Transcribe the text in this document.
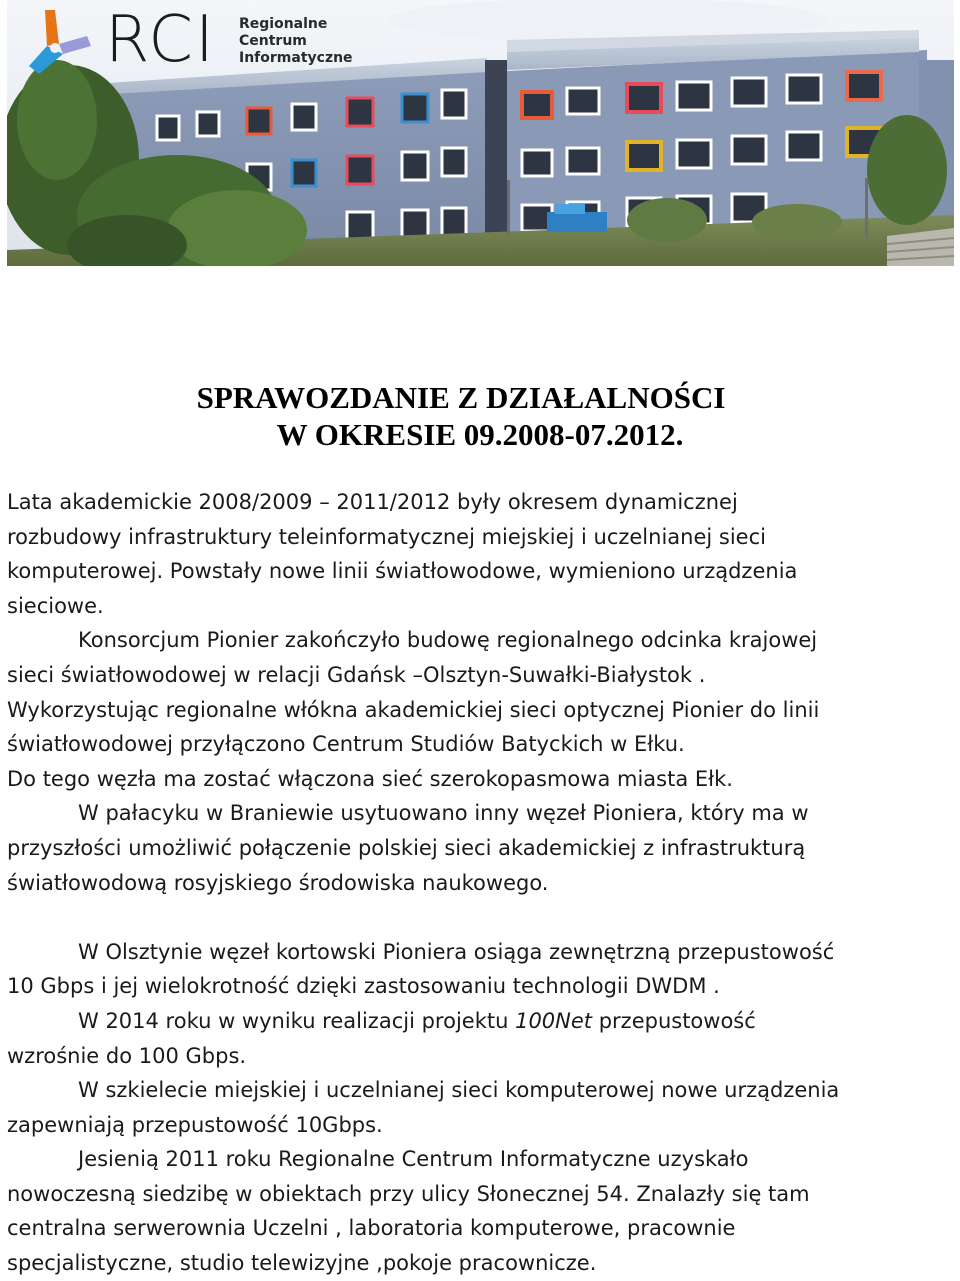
RCI Regionalne
Centrum
Informatyczne
SPRAWOZDANIE Z DZIAŁALNOŚCI
W OKRESIE 09.2008-07.2012.

Lata akademickie 2008/2009 – 2011/2012 były okresem dynamicznej

rozbudowy infrastruktury teleinformatycznej miejskiej i uczelnianej sieci

komputerowej. Powstały nowe linii światłowodowe, wymieniono urządzenia

sieciowe.

Konsorcjum Pionier zakończyło budowę regionalnego odcinka krajowej

sieci światłowodowej w relacji Gdańsk –Olsztyn-Suwałki-Białystok .

Wykorzystując regionalne włókna akademickiej sieci optycznej Pionier do linii

światłowodowej przyłączono Centrum Studiów Batyckich w Ełku.

Do tego węzła ma zostać włączona sieć szerokopasmowa miasta Ełk.

W pałacyku w Braniewie usytuowano inny węzeł Pioniera, który ma w

przyszłości umożliwić połączenie polskiej sieci akademickiej z infrastrukturą

światłowodową rosyjskiego środowiska naukowego.

W Olsztynie węzeł kortowski Pioniera osiąga zewnętrzną przepustowość

10 Gbps i jej wielokrotność dzięki zastosowaniu technologii DWDM .

W 2014 roku w wyniku realizacji projektu 100Net przepustowość

wzrośnie do 100 Gbps.

W szkielecie miejskiej i uczelnianej sieci komputerowej nowe urządzenia

zapewniają przepustowość 10Gbps.

Jesienią 2011 roku Regionalne Centrum Informatyczne uzyskało

nowoczesną siedzibę w obiektach przy ulicy Słonecznej 54. Znalazły się tam

centralna serwerownia Uczelni , laboratoria komputerowe, pracownie

specjalistyczne, studio telewizyjne ,pokoje pracownicze.
